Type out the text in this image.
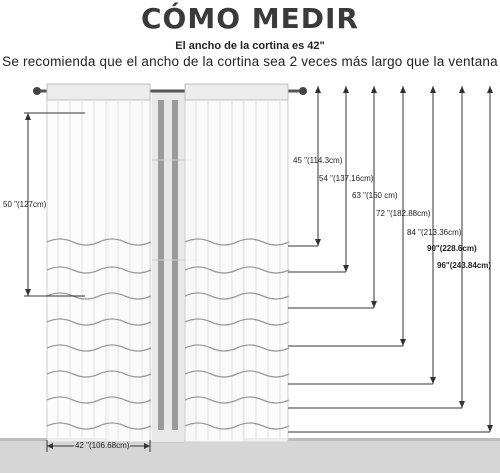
CÓMO MEDIR
El ancho de la cortina es 42"
Se recomienda que el ancho de la cortina sea 2 veces más largo que la ventana
50 "(127cm)
42 "(106.68cm)
45 "(114.3cm)
54 "(137.16cm)
63 "(160 cm)
72 "(182.88cm)
84 "(213.36cm)
90"(228.6cm)
96"(243.84cm)
